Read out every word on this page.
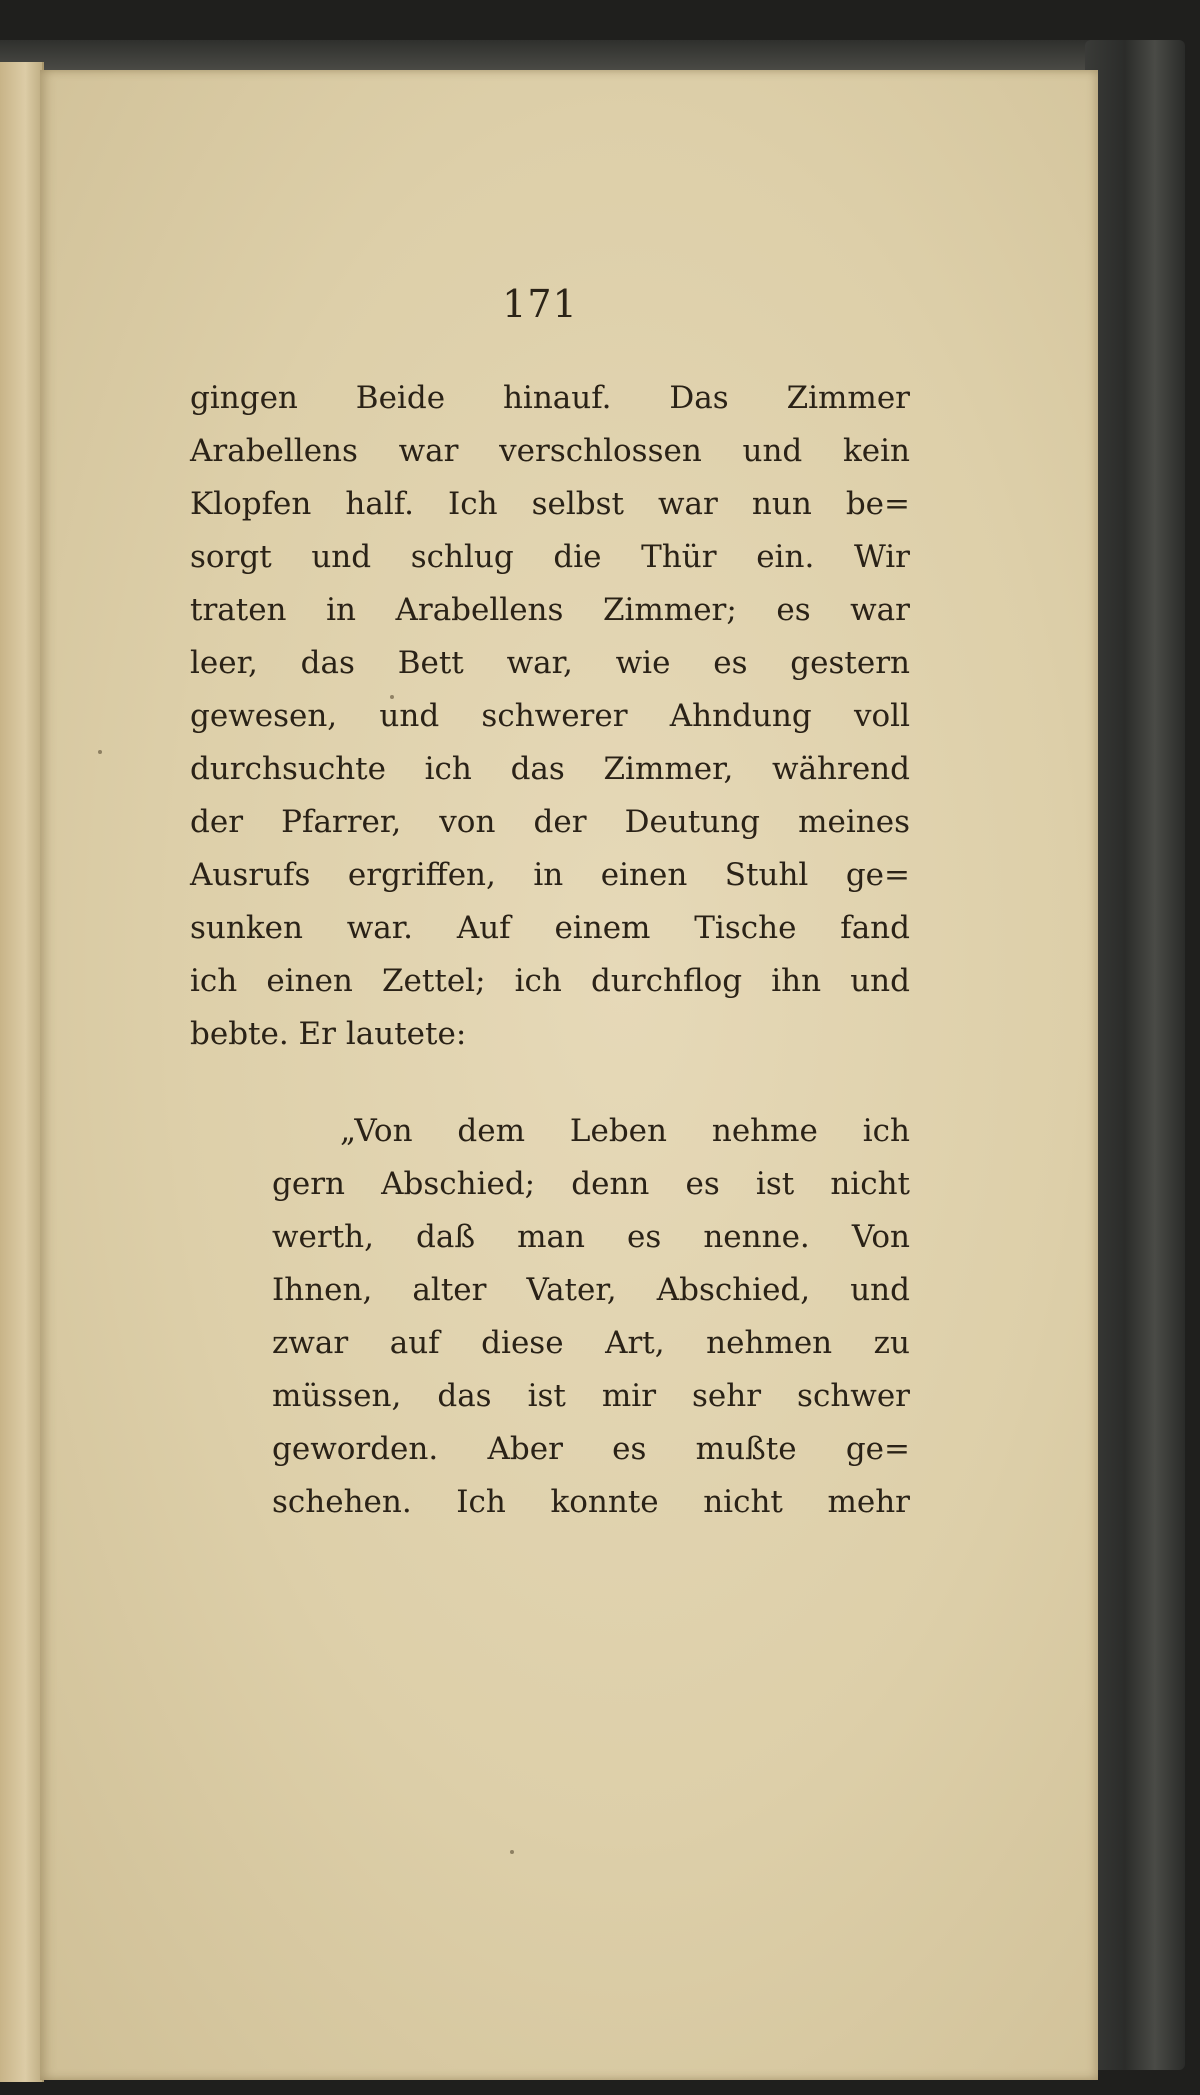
171
gingen Beide hinauf. Das Zimmer
Arabellens war verschlossen und kein
Klopfen half. Ich selbst war nun be=
sorgt und schlug die Thür ein. Wir
traten in Arabellens Zimmer; es war
leer, das Bett war, wie es gestern
gewesen, und schwerer Ahndung voll
durchsuchte ich das Zimmer, während
der Pfarrer, von der Deutung meines
Ausrufs ergriffen, in einen Stuhl ge=
sunken war. Auf einem Tische fand
ich einen Zettel; ich durchflog ihn und
bebte. Er lautete:
„Von dem Leben nehme ich
gern Abschied; denn es ist nicht
werth, daß man es nenne. Von
Ihnen, alter Vater, Abschied, und
zwar auf diese Art, nehmen zu
müssen, das ist mir sehr schwer
geworden. Aber es mußte ge=
schehen. Ich konnte nicht mehr
